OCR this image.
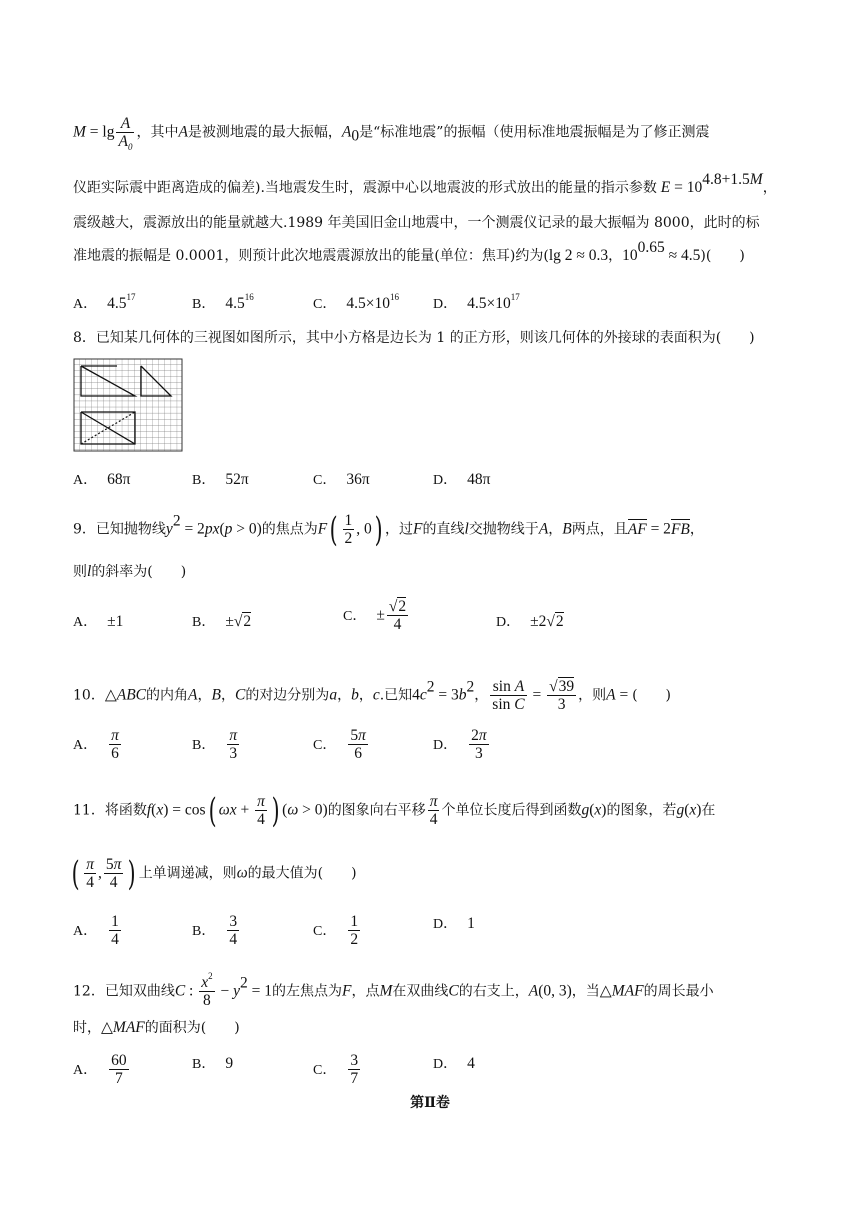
$M = \lg \frac{A}{A_0}$ ，其中A是被测地震的最大振幅，$A_0$是“标准地震”的振幅（使用标准地震振幅是为了修正测震
仪距实际震中距离造成的偏差).当地震发生时，震源中心以地震波的形式放出的能量的指示参数 $E = 10^{4.8+1.5M}$，
震级越大，震源放出的能量就越大.1989 年美国旧金山地震中，一个测震仪记录的最大振幅为 8000，此时的标
准地震的振幅是 0.0001，则预计此次地震震源放出的能量(单位：焦耳)约为(lg 2 ≈ 0.3，$10^{0.65} \approx 4.5$)(　　)
A． $4.5^{17}$	B． $4.5^{16}$	C． $4.5\times 10^{16}$ D． $4.5\times 10^{17}$
8．已知某几何体的三视图如图所示，其中小方格是边长为 1 的正方形，则该几何体的外接球的表面积为(　　)
A． 68π	B． 52π	C． 36π	D． 48π
9．已知抛物线$y^2 = 2px(p > 0)$的焦点为$F( \frac{1}{2}$ , 0) ，过F的直线l交抛物线于A，B两点，且AF = 2FB，
则l的斜率为(　　)
A． ±1	B． ±√2	C． ± $\frac{√2}{4}$	D． ±2√2
10．△ABC的内角A，B，C的对边分别为a，b，c.已知$4c^2 = 3b^2$， $\frac{\text{sin A}}{\text{sin C}} = \frac{√39}{3}$ ，则A = (　　)
A． $\frac{\pi}{6}$	B． $\frac{\pi}{3}$	C． $\frac{5\pi}{6}$	D． $\frac{2\pi}{3}$
11．将函数f(x) = cos( $\omega x + \frac{\pi}{4}$ ) (ω > 0)的图象向右平移 $\frac{\pi}{4}$ 个单位长度后得到函数g(x)的图象，若g(x)在
( $\frac{\pi}{4}$ , $\frac{5\pi}{4}$ ) 上单调递减，则ω的最大值为(　　)
A． $\frac{1}{4}$	B． $\frac{3}{4}$	C． $\frac{1}{2}$	D． 1
12．已知双曲线C : $\frac{x^2}{8} - y^2 = 1$的左焦点为F，点M在双曲线C的右支上，A(0, 3)，当△MAF的周长最小
时，△MAF的面积为(　　)
A． $\frac{60}{7}$	B． 9	C． $\frac{3}{7}$	D． 4
第Ⅱ卷
